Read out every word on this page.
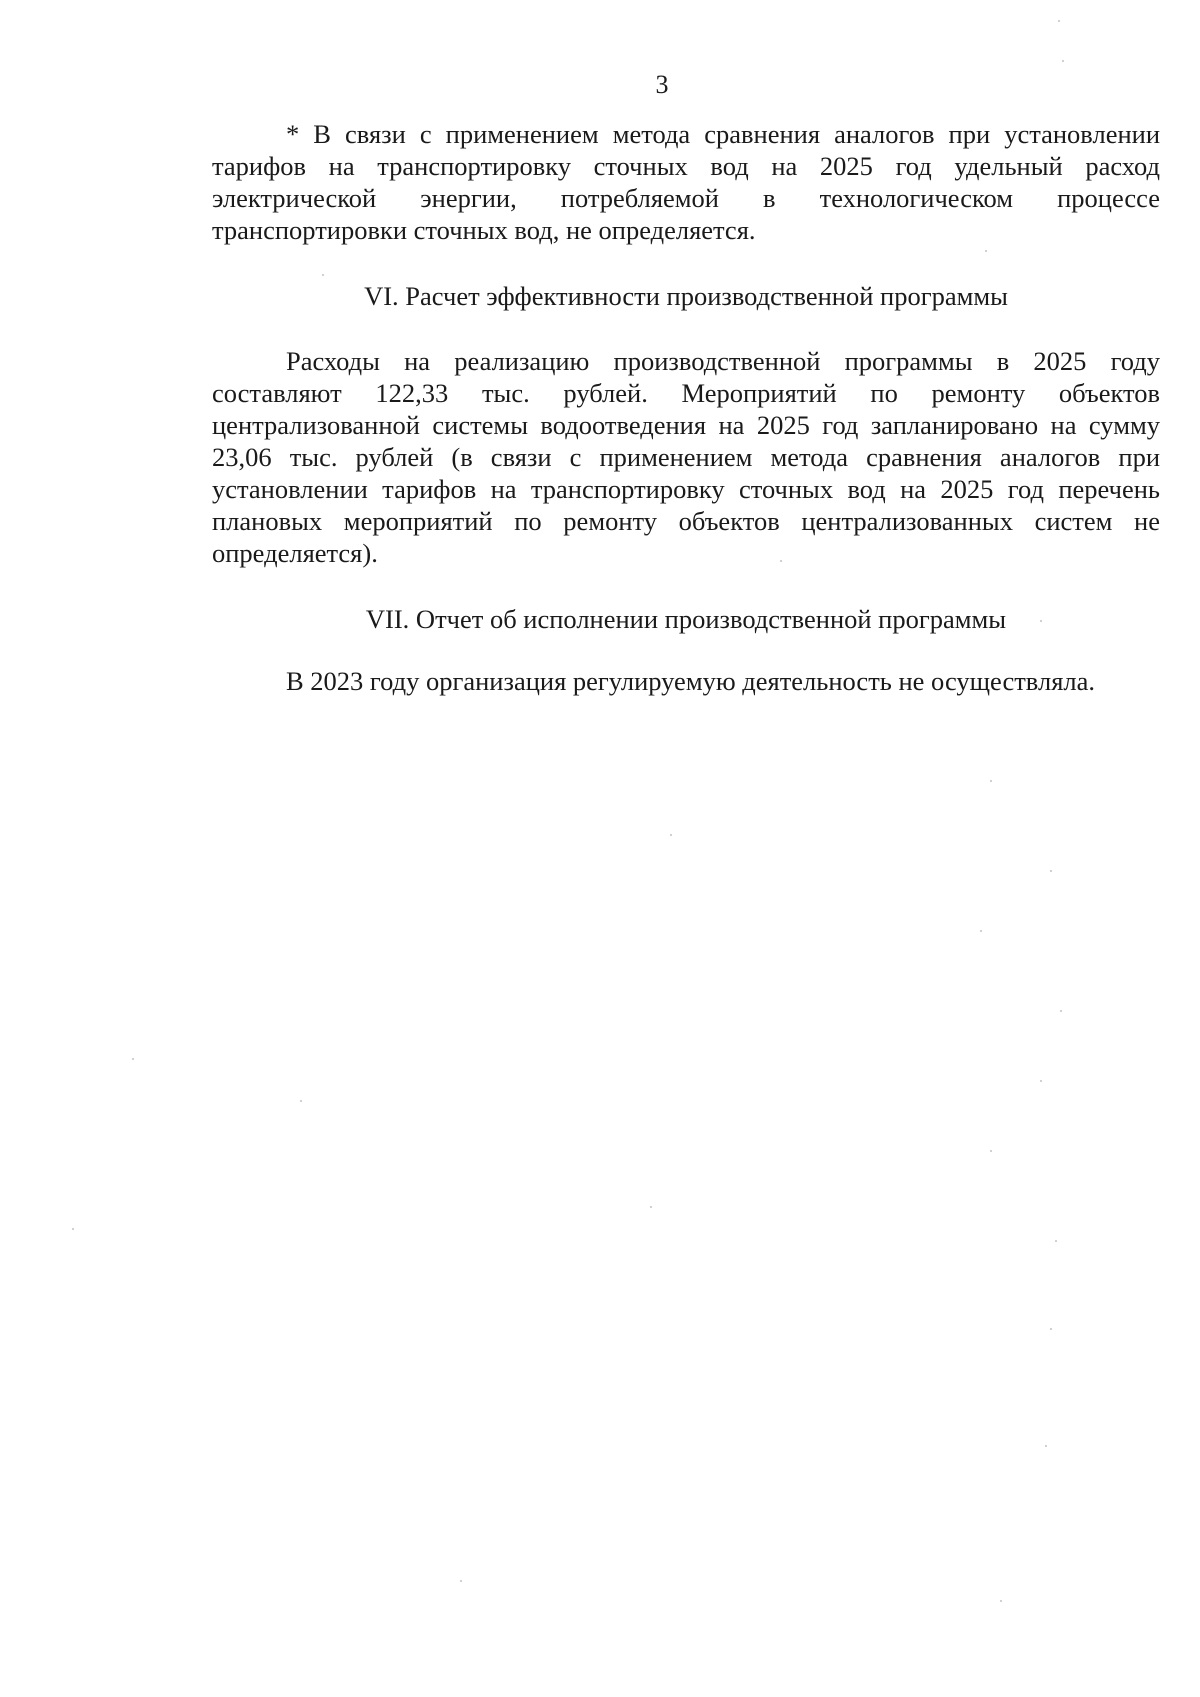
3

* В связи с применением метода сравнения аналогов при установлении тарифов на транспортировку сточных вод на 2025 год удельный расход электрической энергии, потребляемой в технологическом процессе транспортировки сточных вод, не определяется.

VI. Расчет эффективности производственной программы

Расходы на реализацию производственной программы в 2025 году составляют 122,33 тыс. рублей. Мероприятий по ремонту объектов централизованной системы водоотведения на 2025 год запланировано на сумму 23,06 тыс. рублей (в связи с применением метода сравнения аналогов при установлении тарифов на транспортировку сточных вод на 2025 год перечень плановых мероприятий по ремонту объектов централизованных систем не определяется).

VII. Отчет об исполнении производственной программы

В 2023 году организация регулируемую деятельность не осуществляла.
